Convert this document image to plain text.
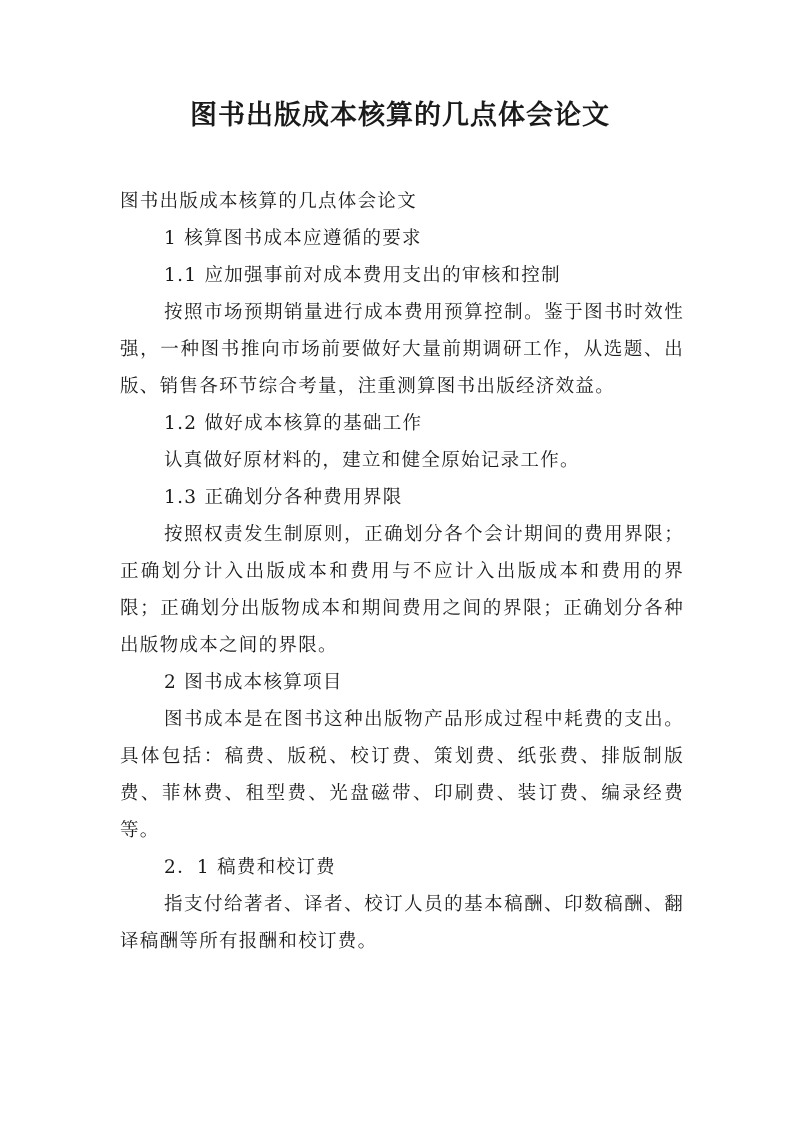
图书出版成本核算的几点体会论文

图书出版成本核算的几点体会论文

1 核算图书成本应遵循的要求

1.1 应加强事前对成本费用支出的审核和控制

按照市场预期销量进行成本费用预算控制。鉴于图书时效性强，一种图书推向市场前要做好大量前期调研工作，从选题、出版、销售各环节综合考量，注重测算图书出版经济效益。

1.2 做好成本核算的基础工作

认真做好原材料的，建立和健全原始记录工作。

1.3 正确划分各种费用界限

按照权责发生制原则，正确划分各个会计期间的费用界限；正确划分计入出版成本和费用与不应计入出版成本和费用的界限；正确划分出版物成本和期间费用之间的界限；正确划分各种出版物成本之间的界限。

2 图书成本核算项目

图书成本是在图书这种出版物产品形成过程中耗费的支出。具体包括：稿费、版税、校订费、策划费、纸张费、排版制版费、菲林费、租型费、光盘磁带、印刷费、装订费、编录经费等。

2．1 稿费和校订费

指支付给著者、译者、校订人员的基本稿酬、印数稿酬、翻译稿酬等所有报酬和校订费。
